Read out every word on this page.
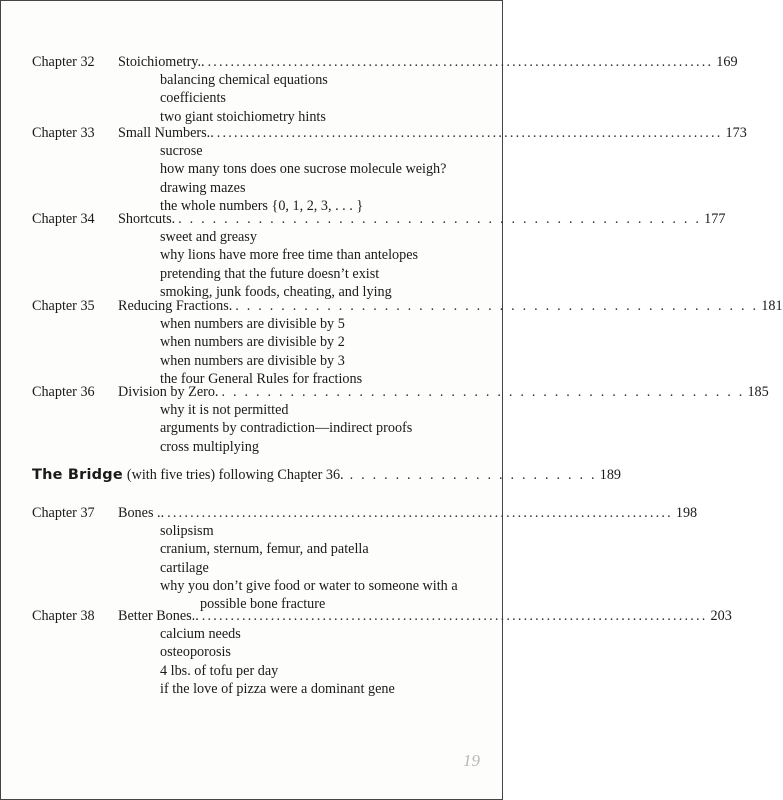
Chapter 32 Stoichiometry.. ........................................................................................ 169
balancing chemical equations
coefficients
two giant stoichiometry hints
Chapter 33 Small Numbers.. ........................................................................................ 173
sucrose
how many tons does one sucrose molecule weigh?
drawing mazes
the whole numbers {0, 1, 2, 3, . . . }
Chapter 34 Shortcuts. . . . . . . . . . . . . . . . . . . . . . . . . . . . . . . . . . . . . . . . . . . . . . . 177
sweet and greasy
why lions have more free time than antelopes
pretending that the future doesn’t exist
smoking, junk foods, cheating, and lying
Chapter 35 Reducing Fractions. . . . . . . . . . . . . . . . . . . . . . . . . . . . . . . . . . . . . . . . . . . . . . . 181
when numbers are divisible by 5
when numbers are divisible by 2
when numbers are divisible by 3
the four General Rules for fractions
Chapter 36 Division by Zero. . . . . . . . . . . . . . . . . . . . . . . . . . . . . . . . . . . . . . . . . . . . . . . 185
why it is not permitted
arguments by contradiction—indirect proofs
cross multiplying
The Bridge (with five tries) following Chapter 36. . . . . . . . . . . . . . . . . . . . . . . 189
Chapter 37 Bones .. ........................................................................................ 198
solipsism
cranium, sternum, femur, and patella
cartilage
why you don’t give food or water to someone with a
possible bone fracture
Chapter 38 Better Bones.. ........................................................................................ 203
calcium needs
osteoporosis
4 lbs. of tofu per day
if the love of pizza were a dominant gene
19
